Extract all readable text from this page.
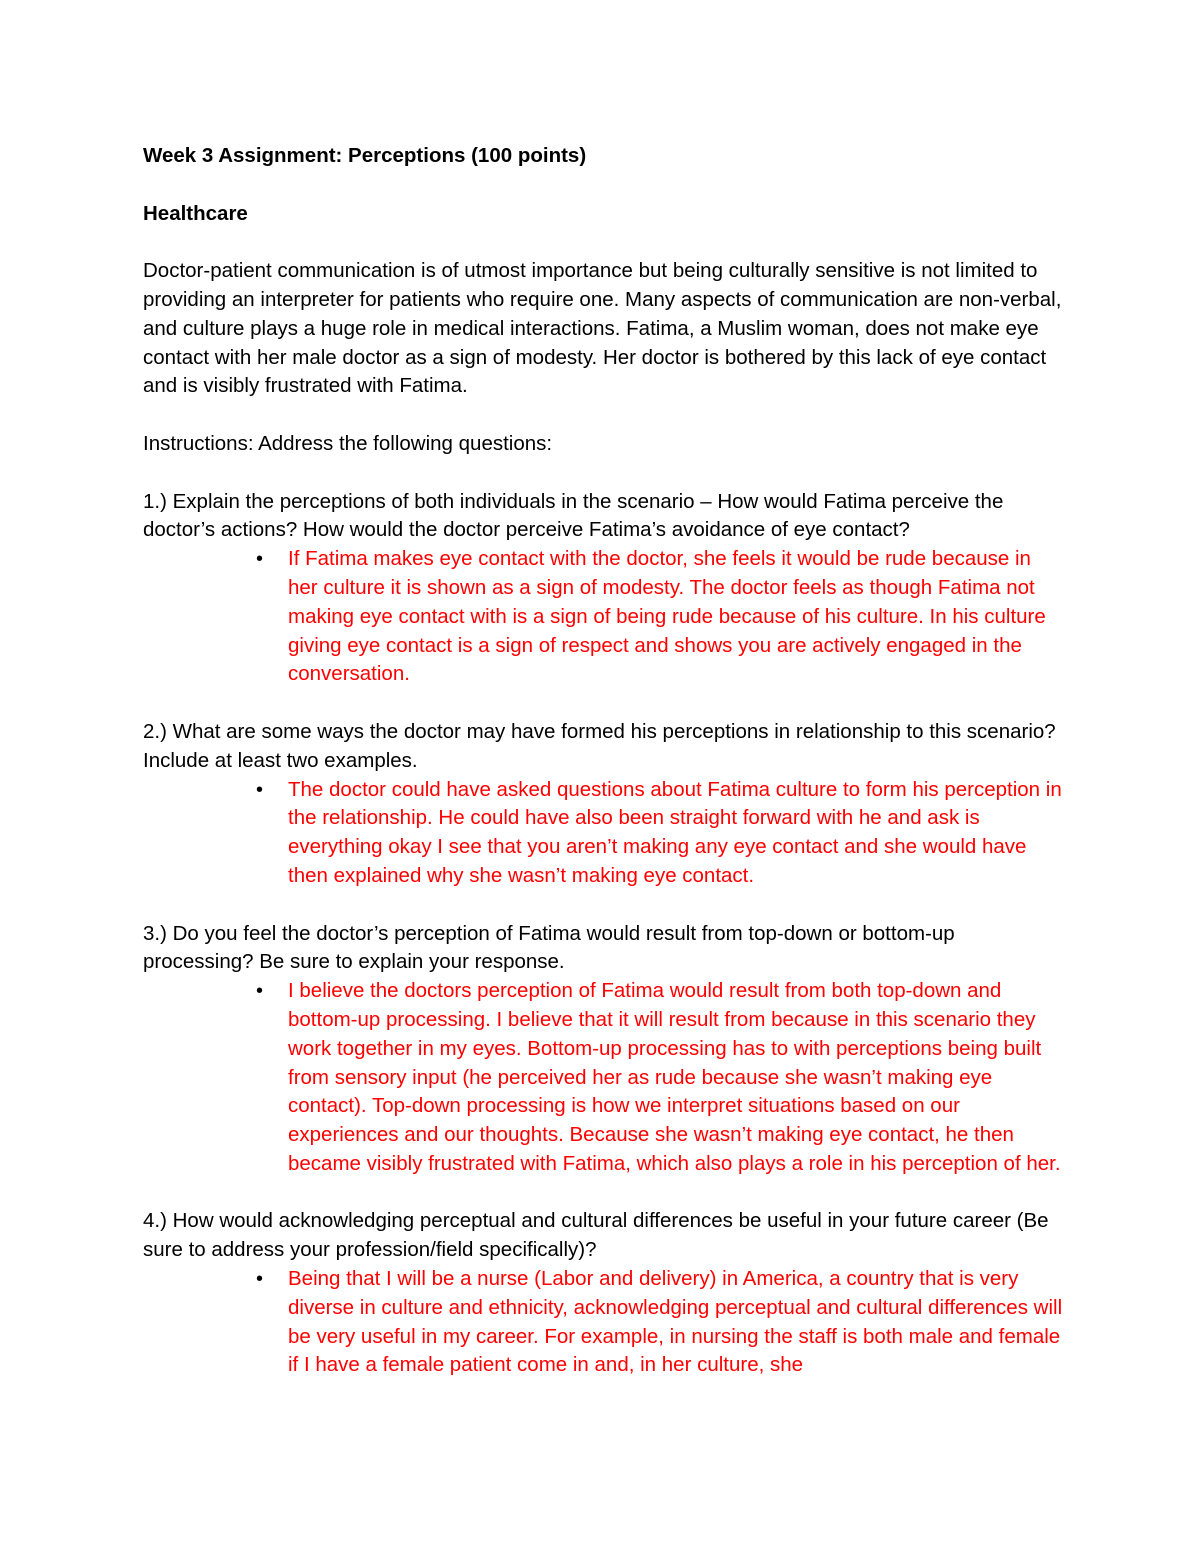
Week 3 Assignment: Perceptions (100 points)

Healthcare

Doctor-patient communication is of utmost importance but being culturally sensitive is not limited to providing an interpreter for patients who require one. Many aspects of communication are non-verbal, and culture plays a huge role in medical interactions. Fatima, a Muslim woman, does not make eye contact with her male doctor as a sign of modesty. Her doctor is bothered by this lack of eye contact and is visibly frustrated with Fatima.

Instructions: Address the following questions:

1.) Explain the perceptions of both individuals in the scenario – How would Fatima perceive the doctor’s actions? How would the doctor perceive Fatima’s avoidance of eye contact?

• If Fatima makes eye contact with the doctor, she feels it would be rude because in her culture it is shown as a sign of modesty. The doctor feels as though Fatima not making eye contact with is a sign of being rude because of his culture. In his culture giving eye contact is a sign of respect and shows you are actively engaged in the conversation.

2.) What are some ways the doctor may have formed his perceptions in relationship to this scenario? Include at least two examples.

• The doctor could have asked questions about Fatima culture to form his perception in the relationship. He could have also been straight forward with he and ask is everything okay I see that you aren’t making any eye contact and she would have then explained why she wasn’t making eye contact.

3.) Do you feel the doctor’s perception of Fatima would result from top-down or bottom-up processing? Be sure to explain your response.

• I believe the doctors perception of Fatima would result from both top-down and bottom-up processing. I believe that it will result from because in this scenario they work together in my eyes. Bottom-up processing has to with perceptions being built from sensory input (he perceived her as rude because she wasn’t making eye contact). Top-down processing is how we interpret situations based on our experiences and our thoughts. Because she wasn’t making eye contact, he then became visibly frustrated with Fatima, which also plays a role in his perception of her.

4.) How would acknowledging perceptual and cultural differences be useful in your future career (Be sure to address your profession/field specifically)?

• Being that I will be a nurse (Labor and delivery) in America, a country that is very diverse in culture and ethnicity, acknowledging perceptual and cultural differences will be very useful in my career. For example, in nursing the staff is both male and female if I have a female patient come in and, in her culture, she
